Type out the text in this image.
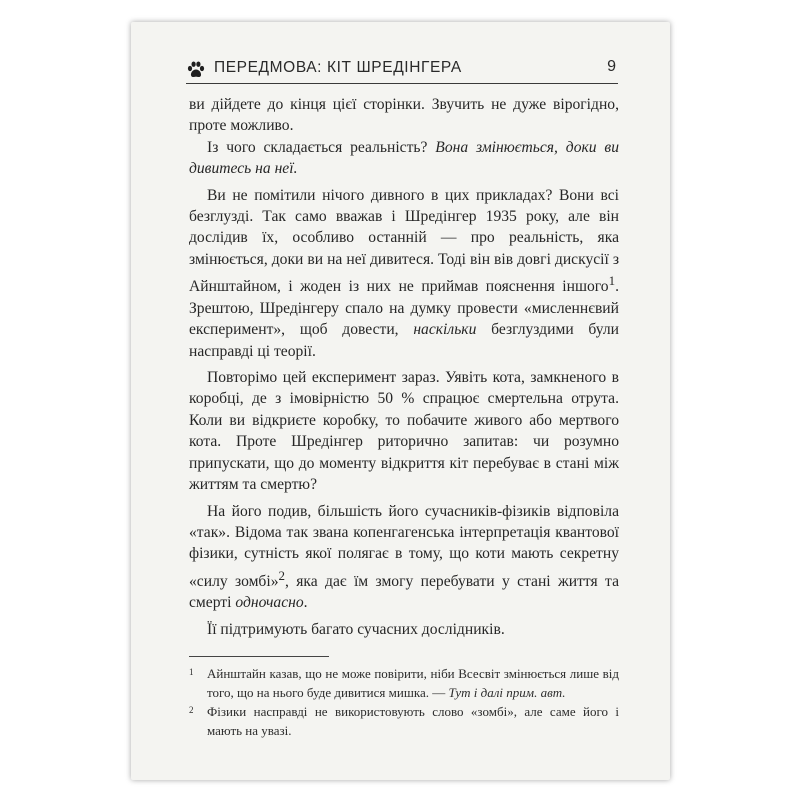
ПЕРЕДМОВА: КІТ ШРЕДІНГЕРА	9

ви дійдете до кінця цієї сторінки. Звучить не дуже вірогідно, проте можливо.

Із чого складається реальність? Вона змінюється, доки ви дивитесь на неї.

Ви не помітили нічого дивного в цих прикладах? Вони всі безглузді. Так само вважав і Шредінгер 1935 року, але він дослідив їх, особливо останній — про реальність, яка змінюється, доки ви на неї дивитеся. Тоді він вів довгі дискусії з Айнштайном, і жоден із них не приймав пояснення іншого$^1$. Зрештою, Шредінгеру спало на думку провести «мисленнєвий експеримент», щоб довести, наскільки безглуздими були насправді ці теорії.

Повторімо цей експеримент зараз. Уявіть кота, замкненого в коробці, де з імовірністю 50 % спрацює смертельна отрута. Коли ви відкриєте коробку, то побачите живого або мертвого кота. Проте Шредінгер риторично запитав: чи розумно припускати, що до моменту відкриття кіт перебуває в стані між життям та смертю?

На його подив, більшість його сучасників-фізиків відповіла «так». Відома так звана копенгагенська інтерпретація квантової фізики, сутність якої полягає в тому, що коти мають секретну «силу зомбі»$^2$, яка дає їм змогу перебувати у стані життя та смерті одночасно.

Її підтримують багато сучасних дослідників.

1 Айнштайн казав, що не може повірити, ніби Всесвіт змінюється лише від того, що на нього буде дивитися мишка. — Тут і далі прим. авт.

2 Фізики насправді не використовують слово «зомбі», але саме його і мають на увазі.
